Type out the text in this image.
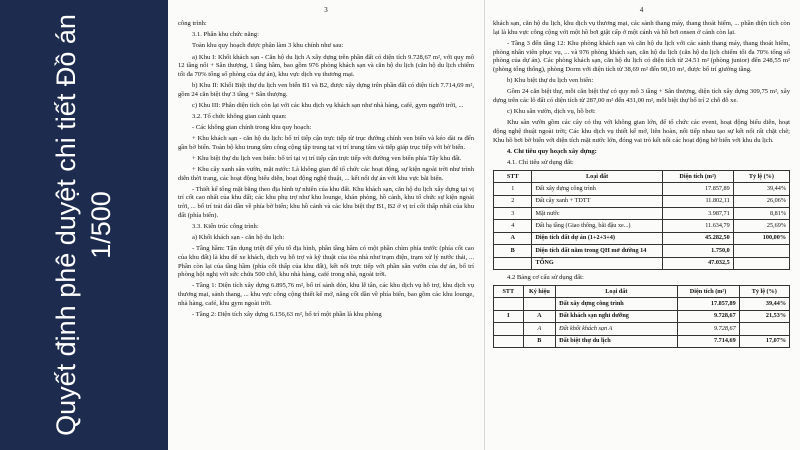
Quyết định phê duyệt chi tiết Đồ án 1/500
3

công trình:

3.1. Phân khu chức năng:

Toàn khu quy hoạch được phân làm 3 khu chính như sau:

a) Khu I: Khối khách sạn - Căn hộ du lịch A xây dựng trên phần đất có diện tích 9.728,67 m², với quy mô 12 tầng nổi + Sân thượng, 1 tầng hầm, bao gồm 976 phòng khách sạn và căn hộ du lịch (căn hộ du lịch chiếm tối đa 70% tổng số phòng của dự án), khu vực dịch vụ thương mại.

b) Khu II: Khối Biệt thự du lịch ven biển B1 và B2, được xây dựng trên phần đất có diện tích 7.714,69 m², gồm 24 căn biệt thự 3 tầng + Sân thượng.

c) Khu III: Phân diện tích còn lại với các khu dịch vụ khách sạn như nhà hàng, café, gym người trời, ...

3.2. Tổ chức không gian cảnh quan:

- Các không gian chính trong khu quy hoạch:

+ Khu khách sạn - căn hộ du lịch: bố trí tiếp cận trực tiếp từ trục đường chính ven biển và kéo dài ra đến gần bờ biển. Toàn bộ khu trung tâm công cộng tập trung tại vị trí trung tâm và tiếp giáp trục tiếp với bờ biển.

+ Khu biệt thự du lịch ven biển: bố trí tại vị trí tiếp cận trực tiếp với đường ven biển phía Tây khu đất.

+ Khu cây xanh sân vườn, mặt nước: Là không gian để tổ chức các hoạt động, sự kiện ngoài trời như trình diễn thời trang, các hoạt động biểu diễn, hoạt động nghệ thuật, ... kết nối dự án với khu vực bãi biển.

- Thiết kế tổng mặt bằng theo địa hình tự nhiên của khu đất. Khu khách sạn, căn hộ du lịch xây dựng tại vị trí cốt cao nhất của khu đất; các khu phụ trợ như khu lounge, khán phòng, hồ cảnh, khu tổ chức sự kiện ngoài trời, ... bố trí trải dài dần về phía bờ biển; khu hồ cảnh và các khu biệt thự B1, B2 ở vị trí cốt thấp nhất của khu đất (phía biển).

3.3. Kiến trúc công trình:

a) Khối khách sạn - căn hộ du lịch:

- Tầng hầm: Tận dụng triệt để yếu tố địa hình, phần tầng hầm có một phần chìm phía trước (phía cốt cao của khu đất) là khu để xe khách, dịch vụ hỗ trợ và kỹ thuật của tòa nhà như trạm điện, trạm xử lý nước thải, ... Phần còn lại của tầng hầm (phía cốt thấp của khu đất), kết nối trực tiếp với phần sân vườn của dự án, bố trí phòng hội nghị với sức chứa 500 chỗ, khu nhà hàng, café trong nhà, ngoài trời.

- Tầng 1: Diện tích xây dựng 6.895,76 m², bố trí sảnh đón, khu lễ tân, các khu dịch vụ hỗ trợ, khu dịch vụ thương mại, sảnh thang, ... khu vực công cộng thiết kế mở, nâng cốt dần về phía biển, bao gồm các khu lounge, nhà hàng, café, khu gym ngoài trời.

- Tầng 2: Diện tích xây dựng 6.156,63 m², bố trí một phần là khu phòng

4

khách sạn, căn hộ du lịch, khu dịch vụ thương mại, các sảnh thang máy, thang thoát hiểm, ... phần diện tích còn lại là khu vực công cộng với một hồ bơi giật cấp ở một cánh và hồ bơi onsen ở cánh còn lại.

- Tầng 3 đến tầng 12: Khu phòng khách sạn và căn hộ du lịch với các sảnh thang máy, thang thoát hiểm, phòng nhân viên phục vụ, ... và 976 phòng khách sạn, căn hộ du lịch (căn hộ du lịch chiếm tối đa 70% tổng số phòng của dự án). Các phòng khách sạn, căn hộ du lịch có diện tích từ 24.51 m² (phòng junior) đến 248,55 m² (phòng tổng thống), phòng Dorm với diện tích từ 38,69 m² đến 90,10 m², được bố trí giường tầng.

b) Khu biệt thự du lịch ven biển:

Gồm 24 căn biệt thự, mỗi căn biệt thự có quy mô 3 tầng + Sân thượng, diện tích xây dựng 309,75 m², xây dựng trên các lô đất có diện tích từ 287,00 m² đến 431,00 m², mỗi biệt thự bố trí 2 chỗ đỗ xe.

c) Khu sân vườn, dịch vụ, hồ bơi:

Khu sân vườn gồm các cây cỏ thụ với không gian lớn, để tổ chức các event, hoạt động biểu diễn, hoạt động nghệ thuật ngoài trời; Các khu dịch vụ thiết kế mở, liên hoàn, nối tiếp nhau tạo sự kết nối rất chặt chẽ; Khu hồ bơi bờ biển với diện tích mặt nước lớn, đóng vai trò kết nối các hoạt động bờ biển với khu du lịch.

4. Chỉ tiêu quy hoạch xây dựng:

4.1. Chỉ tiêu sử dụng đất:

STT	Loại đất	Diện tích (m²)	Tỷ lệ (%)
1	Đất xây dựng công trình	17.857,89	39,44%
2	Đất cây xanh + TDTT	11.802,11	26,06%
3	Mặt nước	3.987,71	8,81%
4	Đất hạ tầng (Giao thông, bãi đậu xe...)	11.634,79	25,69%
A	Diện tích đất dự án (1+2+3+4)	45.282,50	100,00%
B	Diện tích đất nằm trong QH mở đường 14	1.750,0	
	TỔNG	47.032,5	

4.2 Bảng cơ cấu sử dụng đất:

STT	Ký hiệu	Loại đất	Diện tích (m²)	Tỷ lệ (%)
		Đất xây dựng công trình	17.857,89	39,44%
I	A	Đất khách sạn nghỉ dưỡng	9.728,67	21,53%
	A	Đất khối khách sạn A	9.728,67	
	B	Đất biệt thự du lịch	7.714,69	17,07%
